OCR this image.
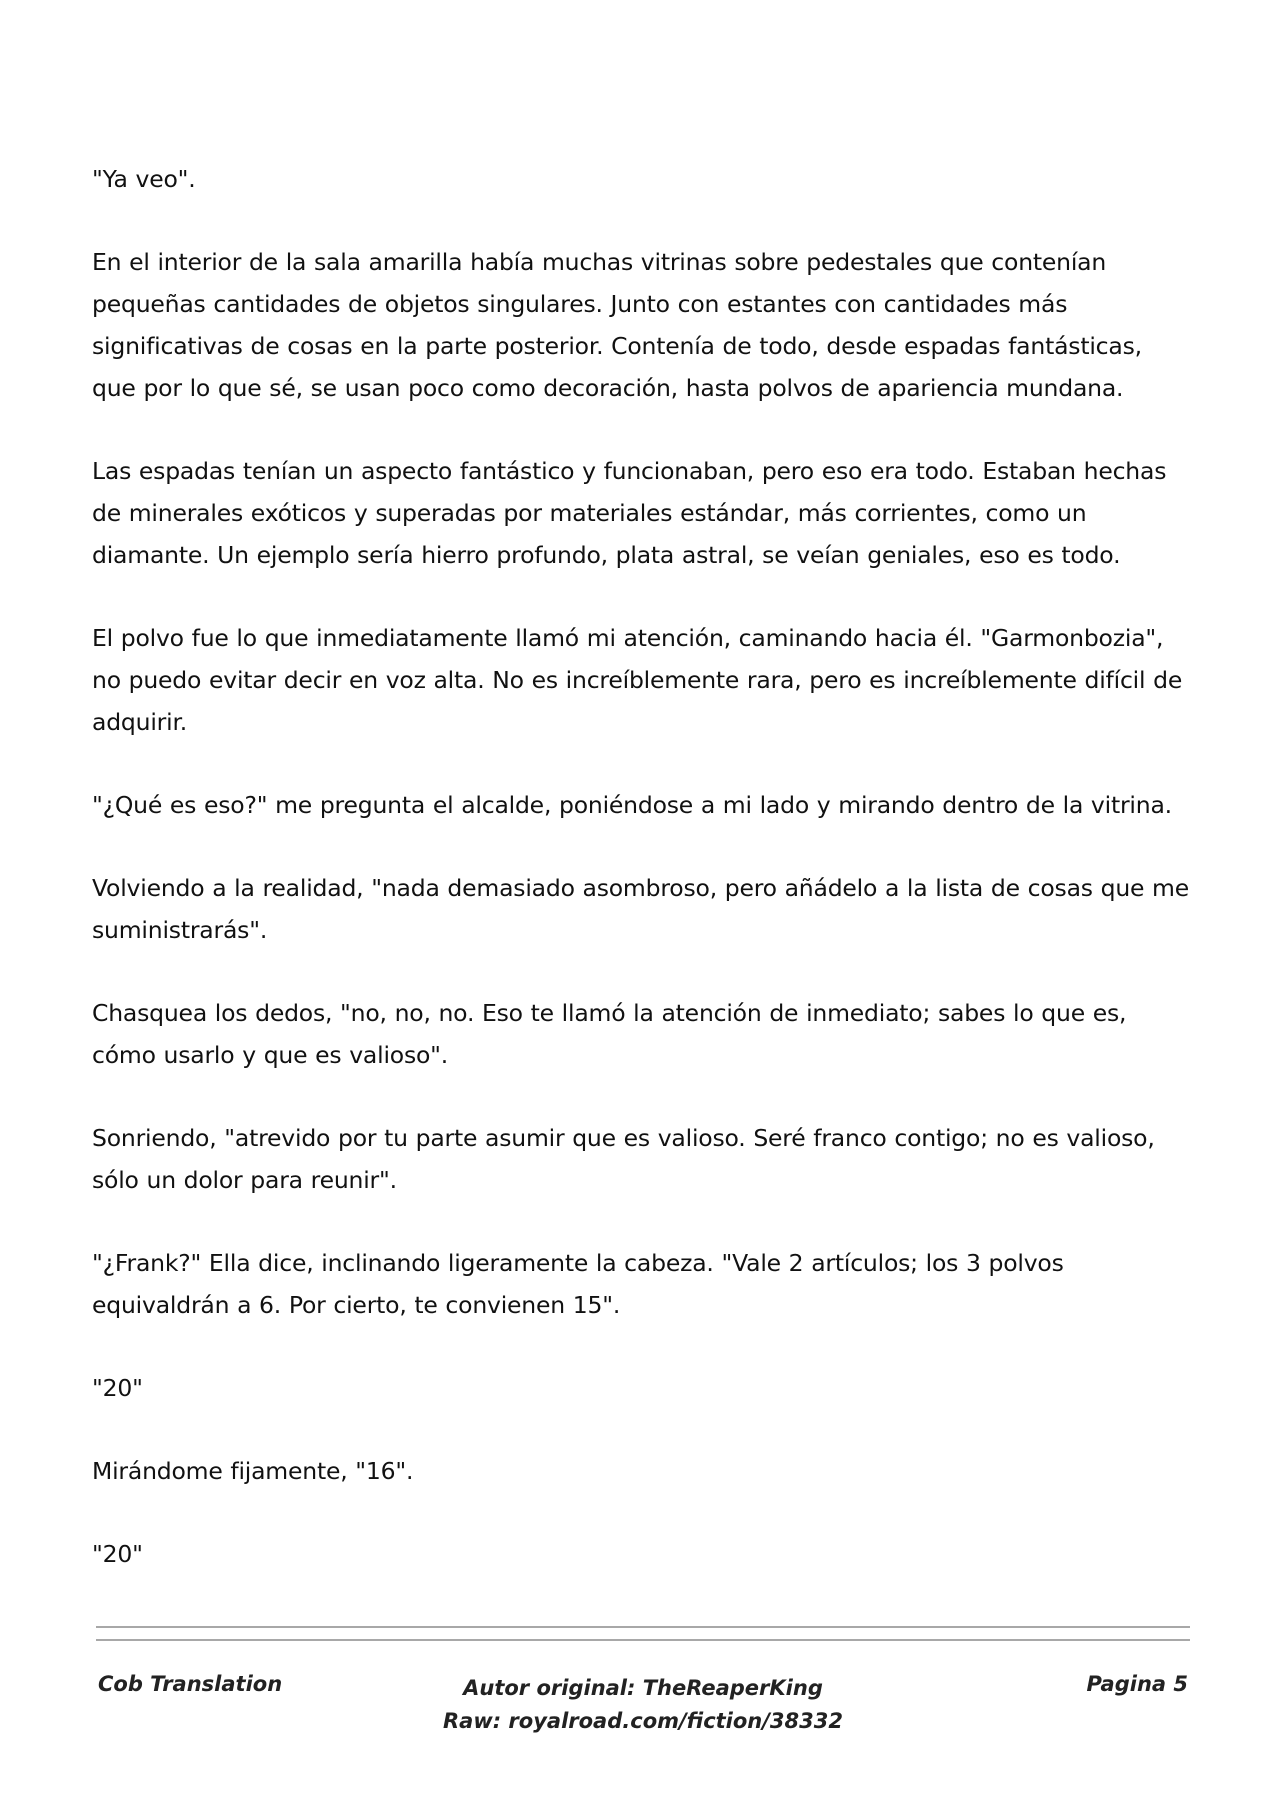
"Ya veo".

En el interior de la sala amarilla había muchas vitrinas sobre pedestales que contenían pequeñas cantidades de objetos singulares. Junto con estantes con cantidades más significativas de cosas en la parte posterior. Contenía de todo, desde espadas fantásticas, que por lo que sé, se usan poco como decoración, hasta polvos de apariencia mundana.

Las espadas tenían un aspecto fantástico y funcionaban, pero eso era todo. Estaban hechas de minerales exóticos y superadas por materiales estándar, más corrientes, como un diamante. Un ejemplo sería hierro profundo, plata astral, se veían geniales, eso es todo.

El polvo fue lo que inmediatamente llamó mi atención, caminando hacia él. "Garmonbozia", no puedo evitar decir en voz alta. No es increíblemente rara, pero es increíblemente difícil de adquirir.

"¿Qué es eso?" me pregunta el alcalde, poniéndose a mi lado y mirando dentro de la vitrina.

Volviendo a la realidad, "nada demasiado asombroso, pero añádelo a la lista de cosas que me suministrarás".

Chasquea los dedos, "no, no, no. Eso te llamó la atención de inmediato; sabes lo que es, cómo usarlo y que es valioso".

Sonriendo, "atrevido por tu parte asumir que es valioso. Seré franco contigo; no es valioso, sólo un dolor para reunir".

"¿Frank?" Ella dice, inclinando ligeramente la cabeza. "Vale 2 artículos; los 3 polvos equivaldrán a 6. Por cierto, te convienen 15".

"20"

Mirándome fijamente, "16".

"20"

Cob Translation	Autor original: TheReaperKing
Raw: royalroad.com/fiction/38332
Pagina 5
